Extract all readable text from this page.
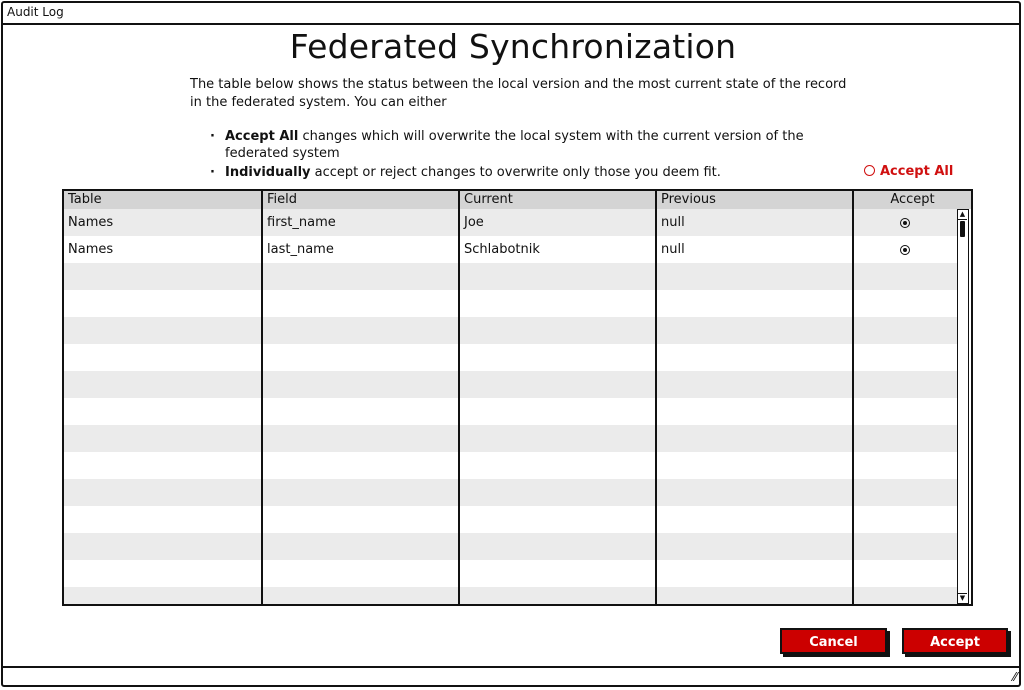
Audit Log
Federated Synchronization
The table below shows the status between the local version and the most current state of the record in the federated system. You can either
· Accept All changes which will overwrite the local system with the current version of the federated system
· Individually accept or reject changes to overwrite only those you deem fit.	Accept All
Table	Field	Current	Previous	Accept
Names	first_name	Joe	null
Names	last_name	Schlabotnik	null
▲
▼
Cancel	Accept
⁄⁄
